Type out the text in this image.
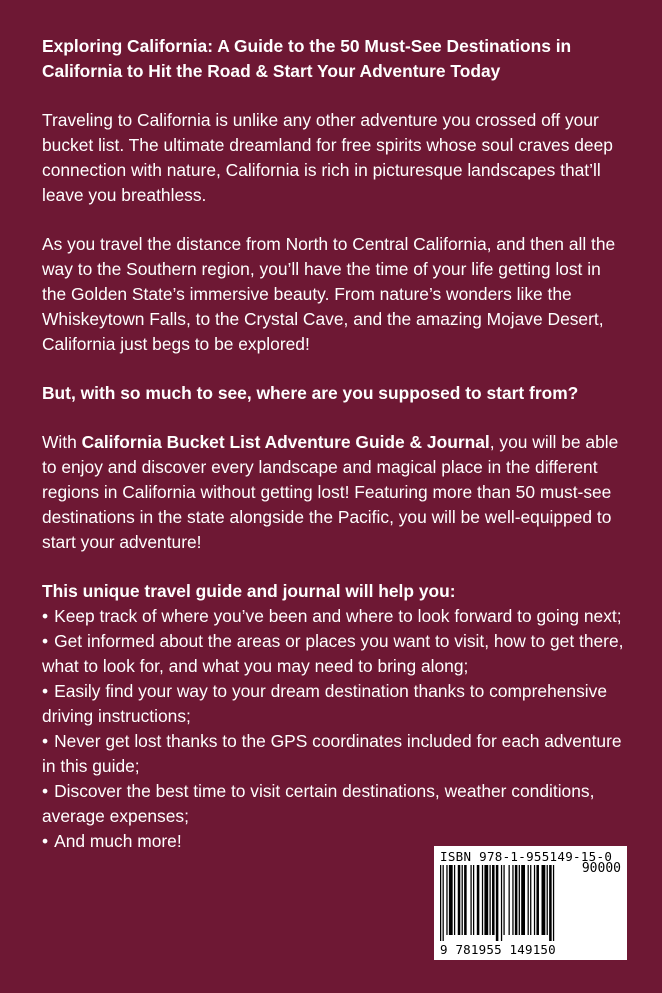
Exploring California: A Guide to the 50 Must-See Destinations in California to Hit the Road & Start Your Adventure Today

Traveling to California is unlike any other adventure you crossed off your bucket list. The ultimate dreamland for free spirits whose soul craves deep connection with nature, California is rich in picturesque landscapes that’ll leave you breathless.

As you travel the distance from North to Central California, and then all the way to the Southern region, you’ll have the time of your life getting lost in the Golden State’s immersive beauty. From nature’s wonders like the Whiskeytown Falls, to the Crystal Cave, and the amazing Mojave Desert, California just begs to be explored!

But, with so much to see, where are you supposed to start from?

With California Bucket List Adventure Guide & Journal, you will be able to enjoy and discover every landscape and magical place in the different regions in California without getting lost! Featuring more than 50 must-see destinations in the state alongside the Pacific, you will be well-equipped to start your adventure!

This unique travel guide and journal will help you:

• Keep track of where you’ve been and where to look forward to going next;
• Get informed about the areas or places you want to visit, how to get there, what to look for, and what you may need to bring along;
• Easily find your way to your dream destination thanks to comprehensive driving instructions;
• Never get lost thanks to the GPS coordinates included for each adventure in this guide;
• Discover the best time to visit certain destinations, weather conditions, average expenses;
• And much more!
ISBN 978-1-955149-15-0
90000
9 781955 149150
